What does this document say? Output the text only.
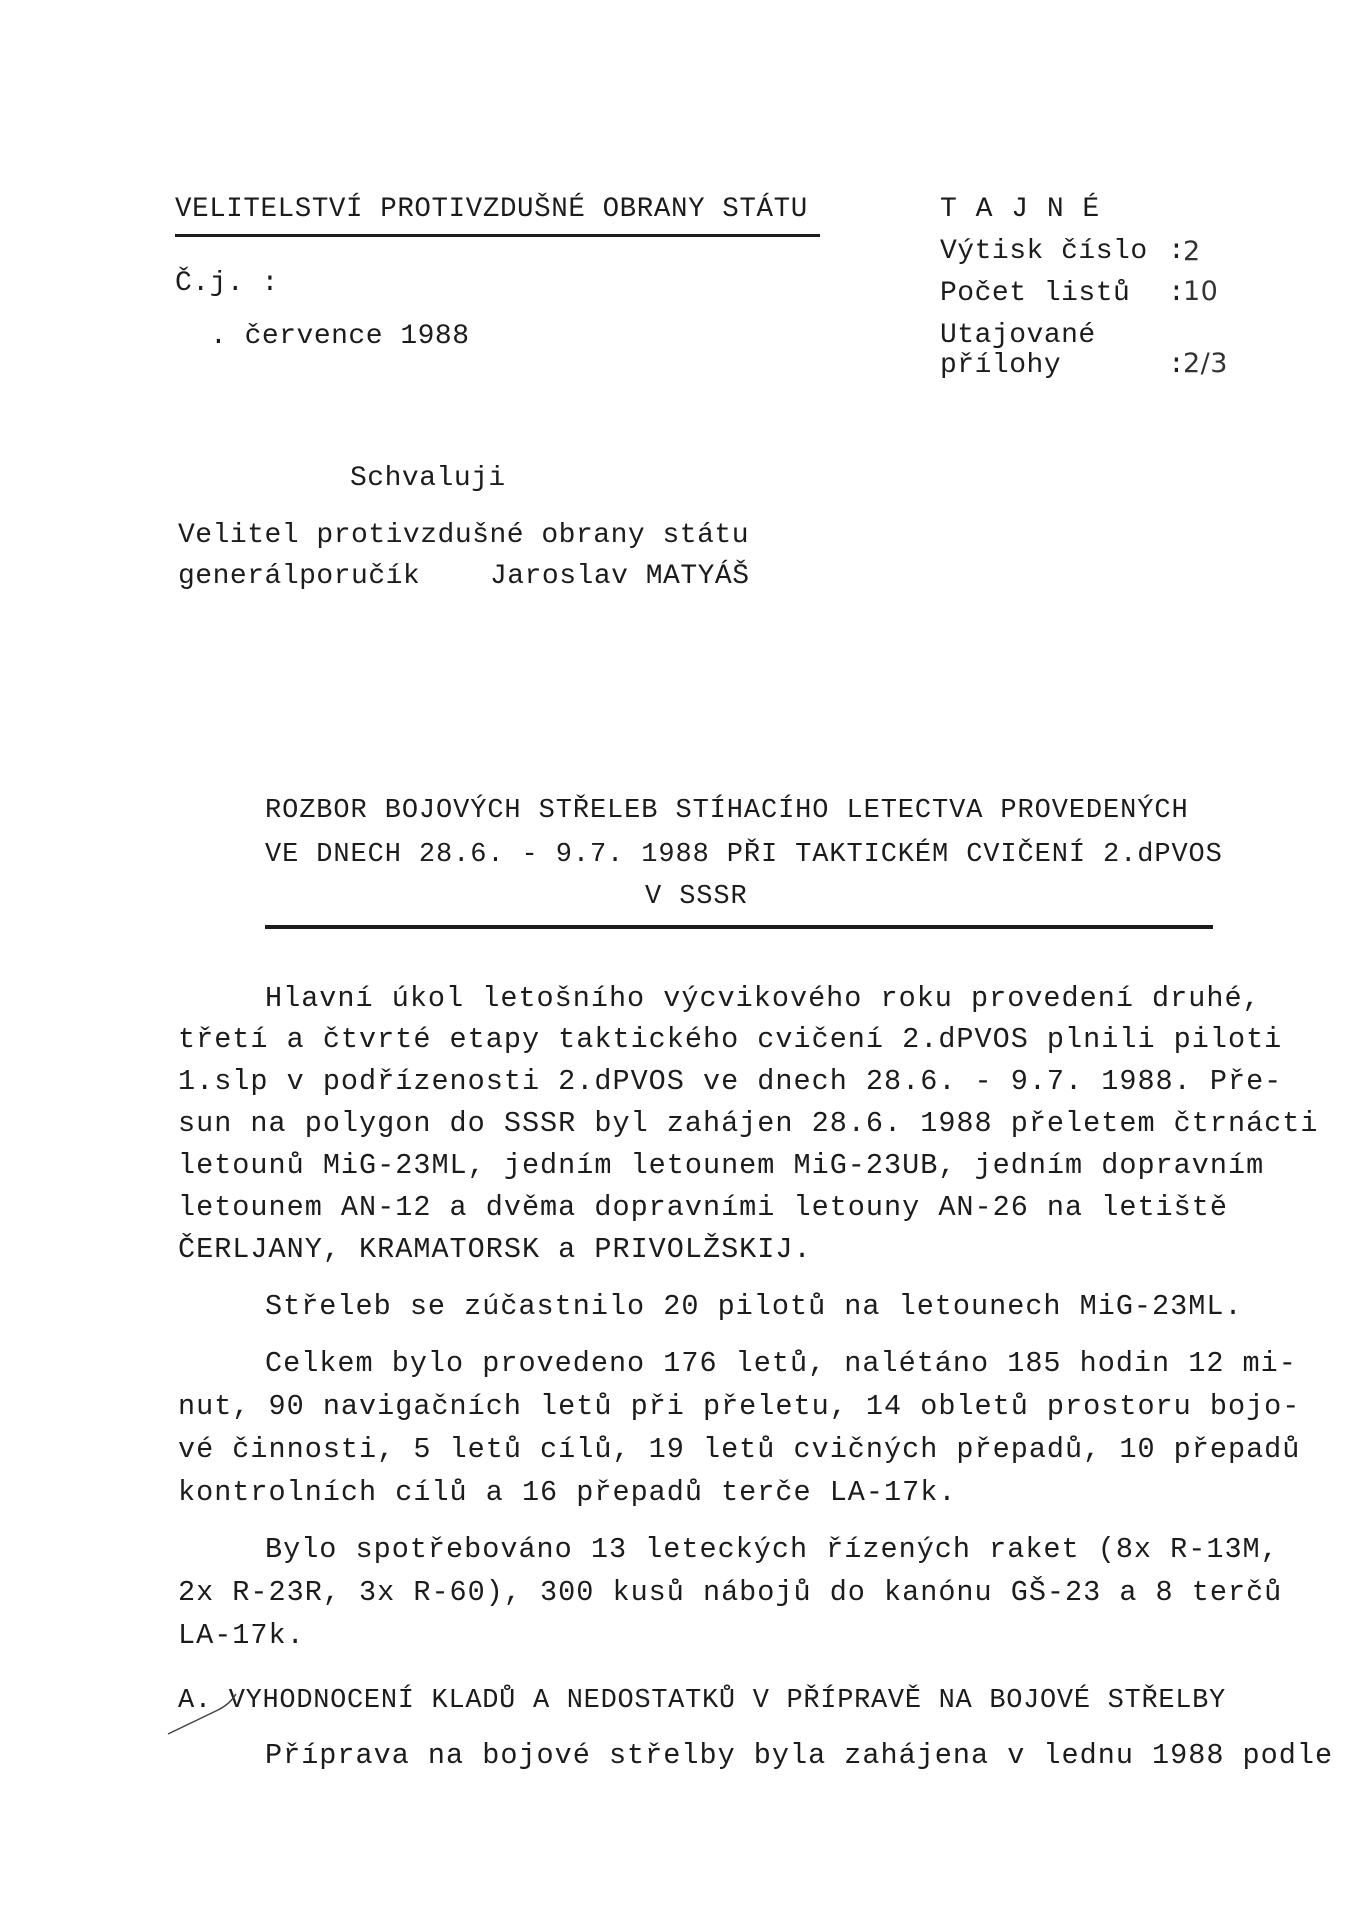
VELITELSTVÍ PROTIVZDUŠNÉ OBRANY STÁTU
Č.j. :
. července 1988
T A J N É
Výtisk číslo :
2
Počet listů :
10
Utajované
přílohy	:
2/3
Schvaluji
Velitel protivzdušné obrany státu
generálporučík Jaroslav MATYÁŠ
ROZBOR BOJOVÝCH STŘELEB STÍHACÍHO LETECTVA PROVEDENÝCH
VE DNECH 28.6. - 9.7. 1988 PŘI TAKTICKÉM CVIČENÍ 2.dPVOS
V SSSR
Hlavní úkol letošního výcvikového roku provedení druhé,
třetí a čtvrté etapy taktického cvičení 2.dPVOS plnili piloti
1.slp v podřízenosti 2.dPVOS ve dnech 28.6. - 9.7. 1988. Pře-
sun na polygon do SSSR byl zahájen 28.6. 1988 přeletem čtrnácti
letounů MiG-23ML, jedním letounem MiG-23UB, jedním dopravním
letounem AN-12 a dvěma dopravními letouny AN-26 na letiště
ČERLJANY, KRAMATORSK a PRIVOLŽSKIJ.
Střeleb se zúčastnilo 20 pilotů na letounech MiG-23ML.
Celkem bylo provedeno 176 letů, nalétáno 185 hodin 12 mi-
nut, 90 navigačních letů při přeletu, 14 obletů prostoru bojo-
vé činnosti, 5 letů cílů, 19 letů cvičných přepadů, 10 přepadů
kontrolních cílů a 16 přepadů terče LA-17k.
Bylo spotřebováno 13 leteckých řízených raket (8x R-13M,
2x R-23R, 3x R-60), 300 kusů nábojů do kanónu GŠ-23 a 8 terčů
LA-17k.
A. VYHODNOCENÍ KLADŮ A NEDOSTATKŮ V PŘÍPRAVĚ NA BOJOVÉ STŘELBY
Příprava na bojové střelby byla zahájena v lednu 1988 podle
